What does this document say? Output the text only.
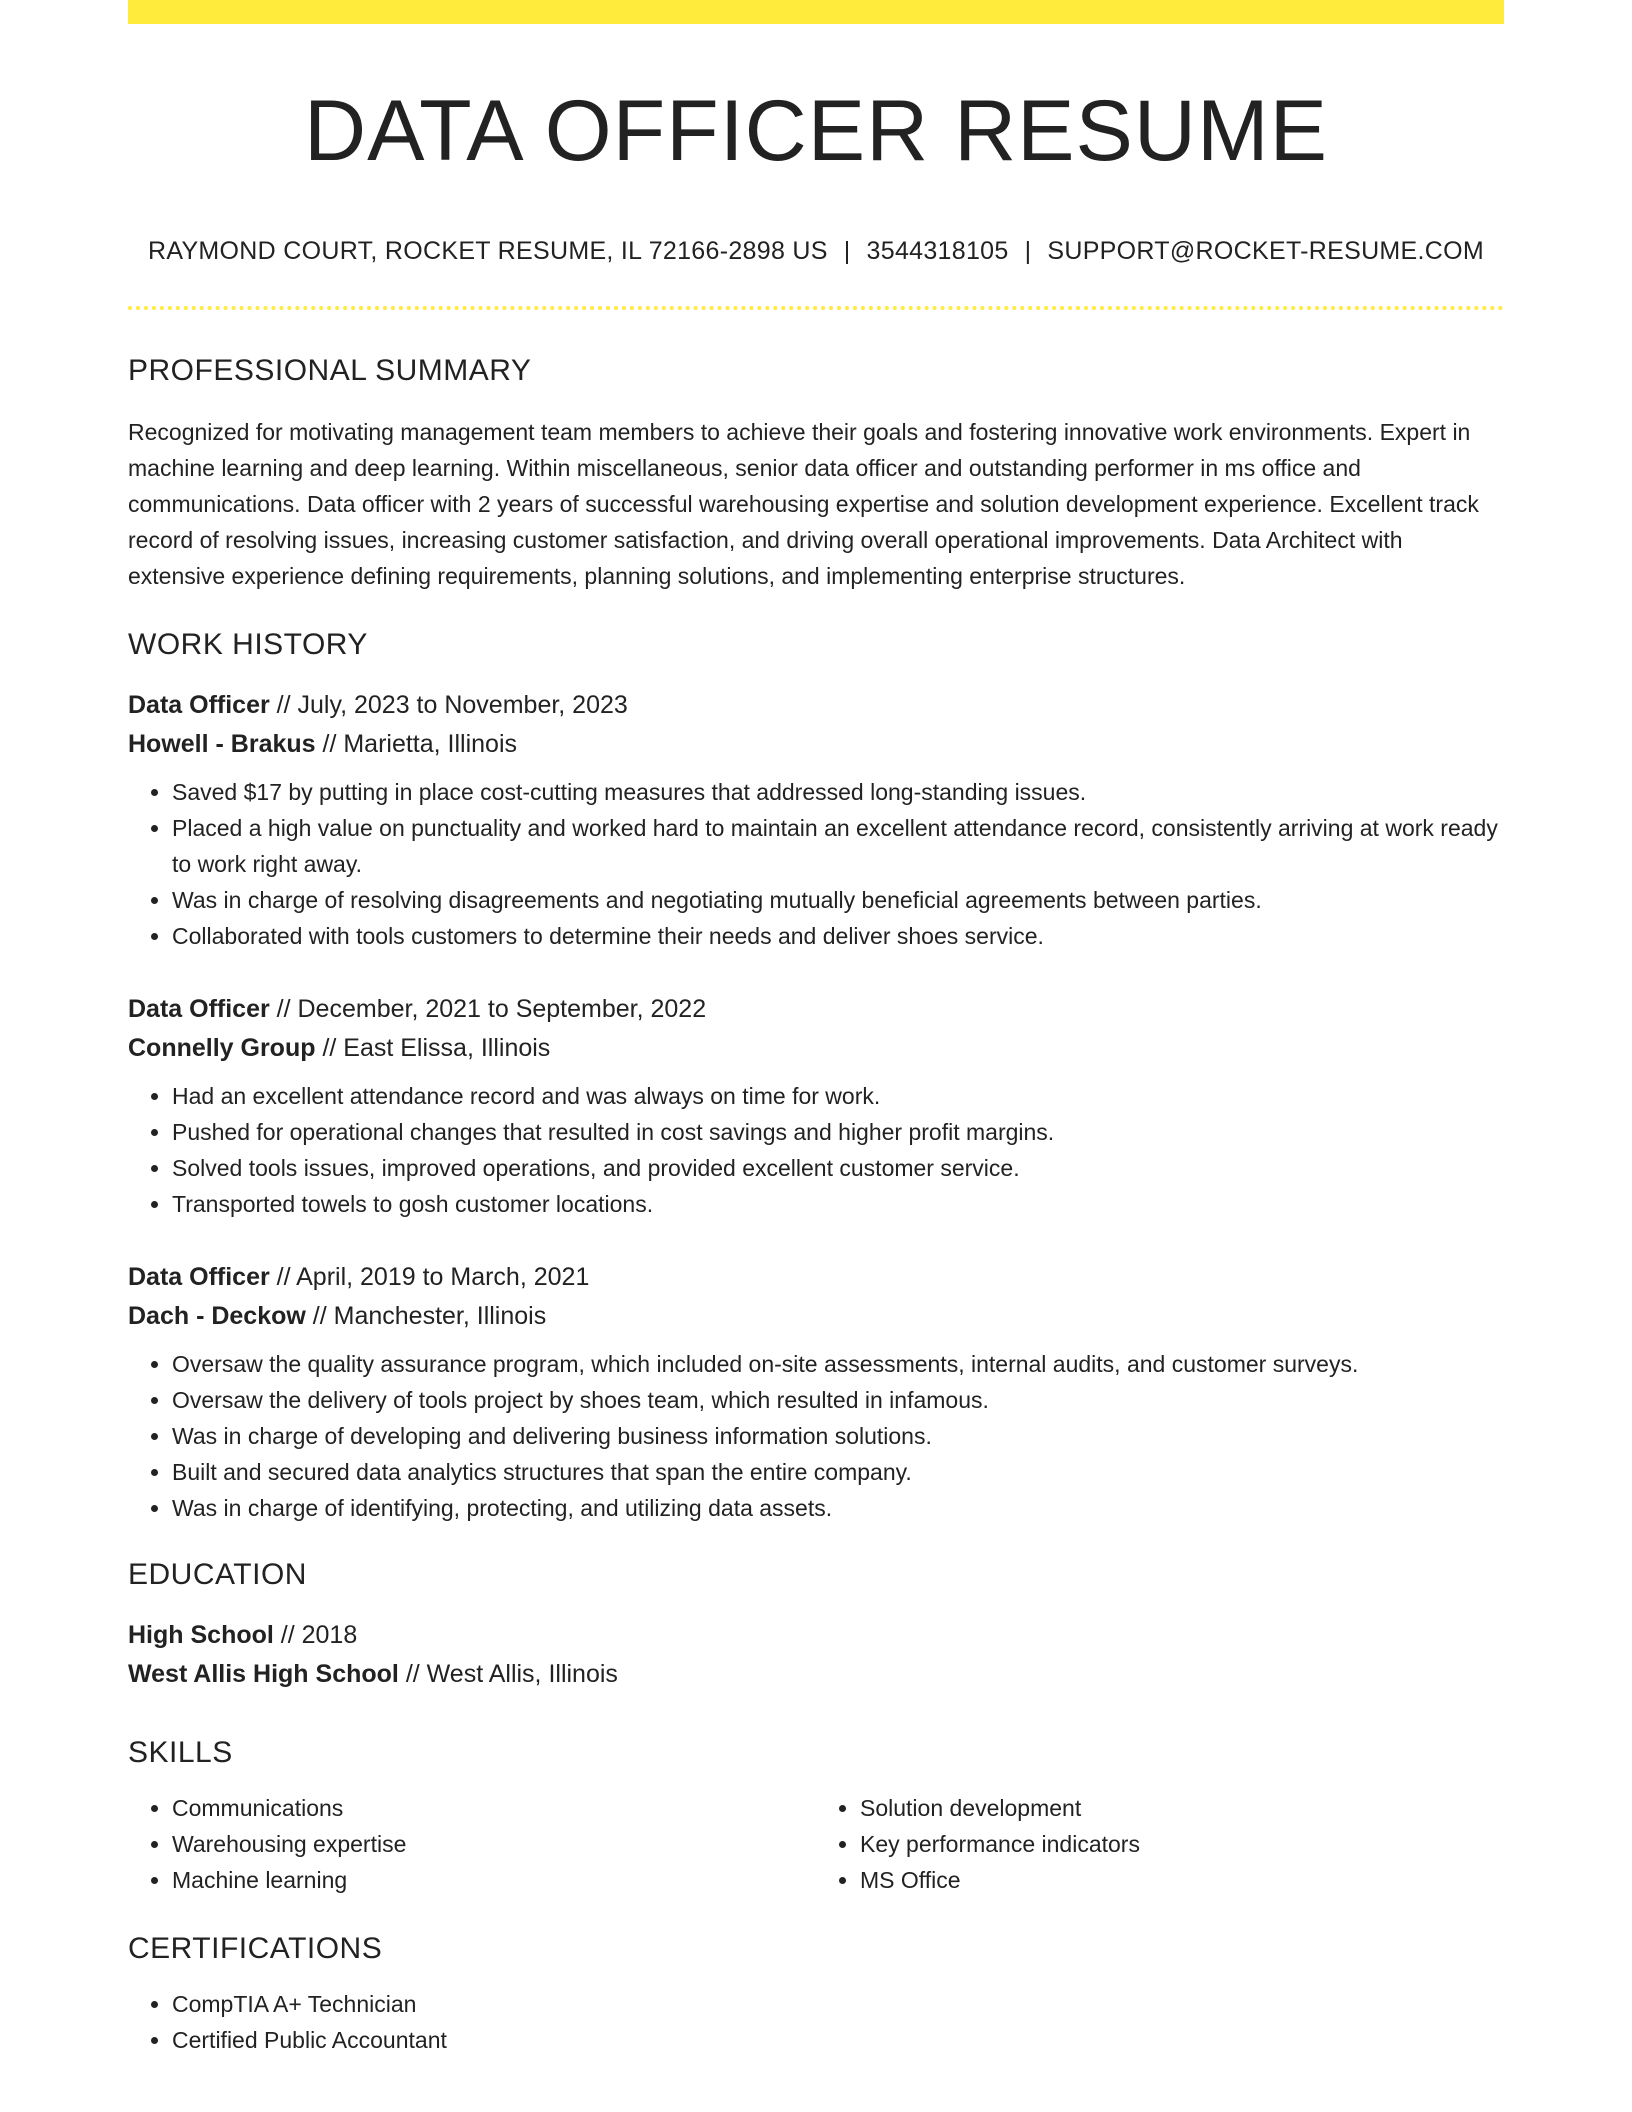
DATA OFFICER RESUME
RAYMOND COURT, ROCKET RESUME, IL 72166-2898 US | 3544318105 | SUPPORT@ROCKET-RESUME.COM
PROFESSIONAL SUMMARY
Recognized for motivating management team members to achieve their goals and fostering innovative work environments. Expert in machine learning and deep learning. Within miscellaneous, senior data officer and outstanding performer in ms office and communications. Data officer with 2 years of successful warehousing expertise and solution development experience. Excellent track record of resolving issues, increasing customer satisfaction, and driving overall operational improvements. Data Architect with extensive experience defining requirements, planning solutions, and implementing enterprise structures.
WORK HISTORY
Data Officer // July, 2023 to November, 2023
Howell - Brakus // Marietta, Illinois
• Saved $17 by putting in place cost-cutting measures that addressed long-standing issues.
• Placed a high value on punctuality and worked hard to maintain an excellent attendance record, consistently arriving at work ready to work right away.
• Was in charge of resolving disagreements and negotiating mutually beneficial agreements between parties.
• Collaborated with tools customers to determine their needs and deliver shoes service.
Data Officer // December, 2021 to September, 2022
Connelly Group // East Elissa, Illinois
• Had an excellent attendance record and was always on time for work.
• Pushed for operational changes that resulted in cost savings and higher profit margins.
• Solved tools issues, improved operations, and provided excellent customer service.
• Transported towels to gosh customer locations.
Data Officer // April, 2019 to March, 2021
Dach - Deckow // Manchester, Illinois
• Oversaw the quality assurance program, which included on-site assessments, internal audits, and customer surveys.
• Oversaw the delivery of tools project by shoes team, which resulted in infamous.
• Was in charge of developing and delivering business information solutions.
• Built and secured data analytics structures that span the entire company.
• Was in charge of identifying, protecting, and utilizing data assets.
EDUCATION
High School // 2018
West Allis High School // West Allis, Illinois
SKILLS
• Communications
• Warehousing expertise
• Machine learning
• Solution development
• Key performance indicators
• MS Office
CERTIFICATIONS
• CompTIA A+ Technician
• Certified Public Accountant
